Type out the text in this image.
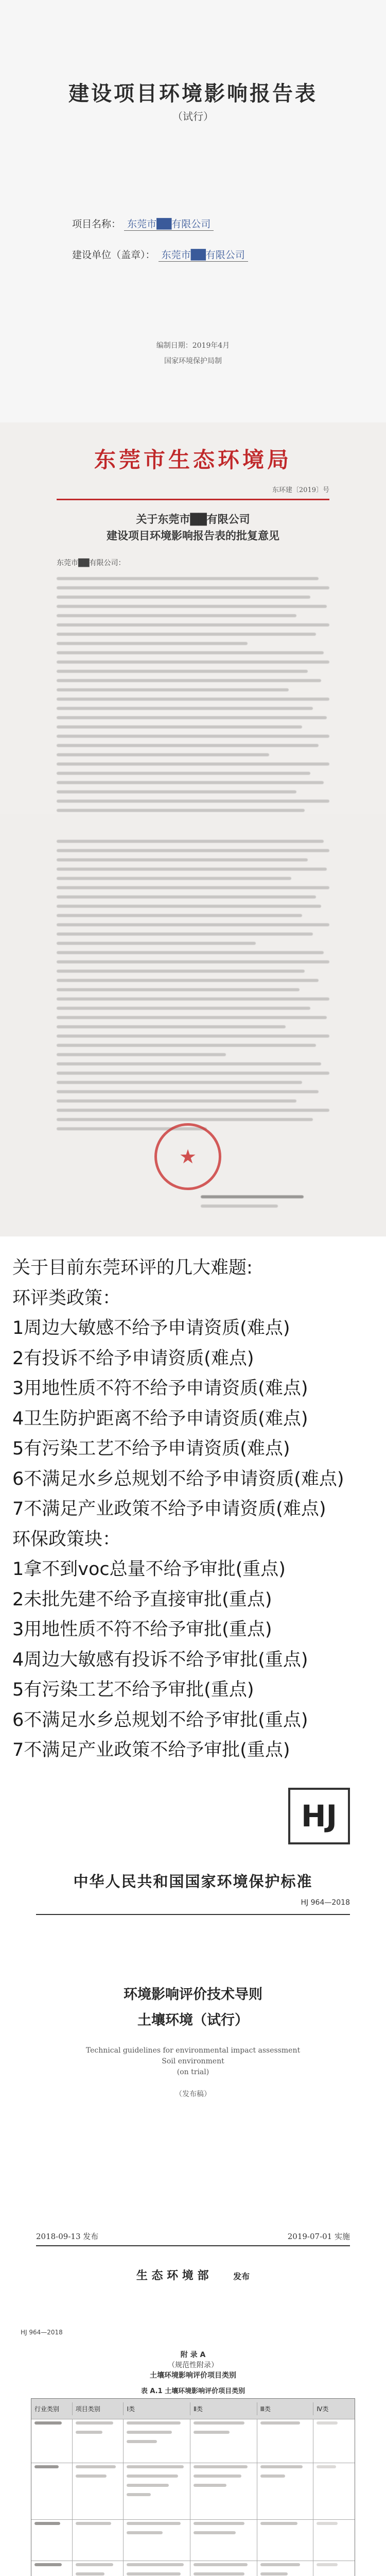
建设项目环境影响报告表
（试行）
项目名称： 东莞市██有限公司
建设单位（盖章）： 东莞市██有限公司
编制日期：2019年4月
国家环境保护局制
东莞市生态环境局
东环建〔2019〕号
关于东莞市██有限公司
建设项目环境影响报告表的批复意见
东莞市██有限公司：
★

关于目前东莞环评的几大难题:

环评类政策：

1周边大敏感不给予申请资质(难点)

2有投诉不给予申请资质(难点)

3用地性质不符不给予申请资质(难点)

4卫生防护距离不给予申请资质(难点)

5有污染工艺不给予申请资质(难点)

6不满足水乡总规划不给予申请资质(难点)

7不满足产业政策不给予申请资质(难点)

环保政策块：

1拿不到voc总量不给予审批(重点)

2未批先建不给予直接审批(重点)

3用地性质不符不给予审批(重点)

4周边大敏感有投诉不给予审批(重点)

5有污染工艺不给予审批(重点)

6不满足水乡总规划不给予审批(重点)

7不满足产业政策不给予审批(重点)

HJ
中华人民共和国国家环境保护标准
HJ 964—2018
环境影响评价技术导则
土壤环境（试行）
Technical guidelines for environmental impact assessment
Soil environment
(on trial)
（发布稿）
2018-09-13 发布	2019-07-01 实施
生 态 环 境 部	发布
HJ 964—2018
附 录 A
（规范性附录）
土壤环境影响评价项目类别
表 A.1 土壤环境影响评价项目类别
行业类别	项目类别	Ⅰ类	Ⅱ类	Ⅲ类	Ⅳ类
